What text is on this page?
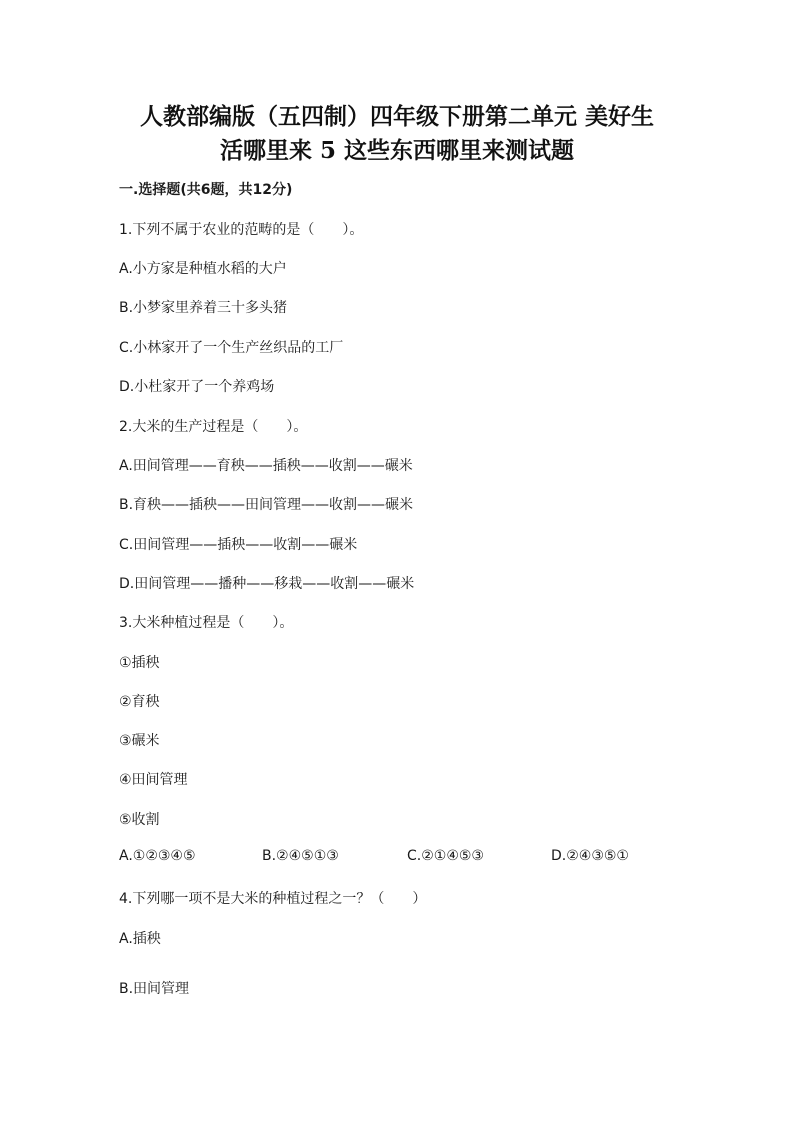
人教部编版（五四制）四年级下册第二单元 美好生
活哪里来 5 这些东西哪里来测试题
一.选择题(共6题，共12分)
1.下列不属于农业的范畴的是（　　）。
A.小方家是种植水稻的大户
B.小梦家里养着三十多头猪
C.小林家开了一个生产丝织品的工厂
D.小杜家开了一个养鸡场
2.大米的生产过程是（　　）。
A.田间管理——育秧——插秧——收割——碾米
B.育秧——插秧——田间管理——收割——碾米
C.田间管理——插秧——收割——碾米
D.田间管理——播种——移栽——收割——碾米
3.大米种植过程是（　　）。
①插秧
②育秧
③碾米
④田间管理
⑤收割
A.①②③④⑤	B.②④⑤①③	C.②①④⑤③	D.②④③⑤①
4.下列哪一项不是大米的种植过程之一？（　　）
A.插秧
B.田间管理
